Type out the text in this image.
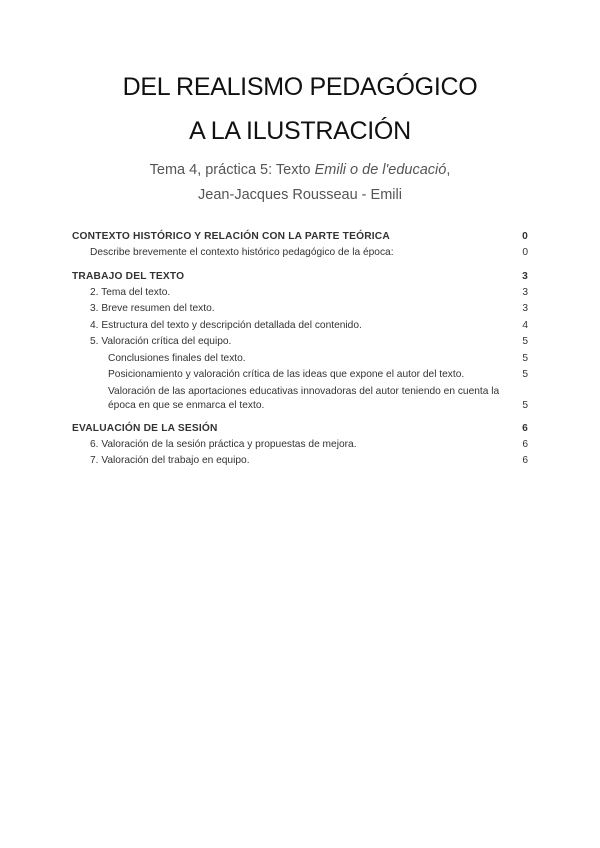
DEL REALISMO PEDAGÓGICO
A LA ILUSTRACIÓN
Tema 4, práctica 5: Texto Emili o de l'educació,
Jean-Jacques Rousseau - Emili
CONTEXTO HISTÓRICO Y RELACIÓN CON LA PARTE TEÓRICA	0
Describe brevemente el contexto histórico pedagógico de la época:	0
TRABAJO DEL TEXTO	3
2. Tema del texto.	3
3. Breve resumen del texto.	3
4. Estructura del texto y descripción detallada del contenido.	4
5. Valoración crítica del equipo.	5
Conclusiones finales del texto.	5
Posicionamiento y valoración crítica de las ideas que expone el autor del texto.	5
Valoración de las aportaciones educativas innovadoras del autor teniendo en cuenta la época en que se enmarca el texto.	5
EVALUACIÓN DE LA SESIÓN	6
6. Valoración de la sesión práctica y propuestas de mejora.	6
7. Valoración del trabajo en equipo.	6
